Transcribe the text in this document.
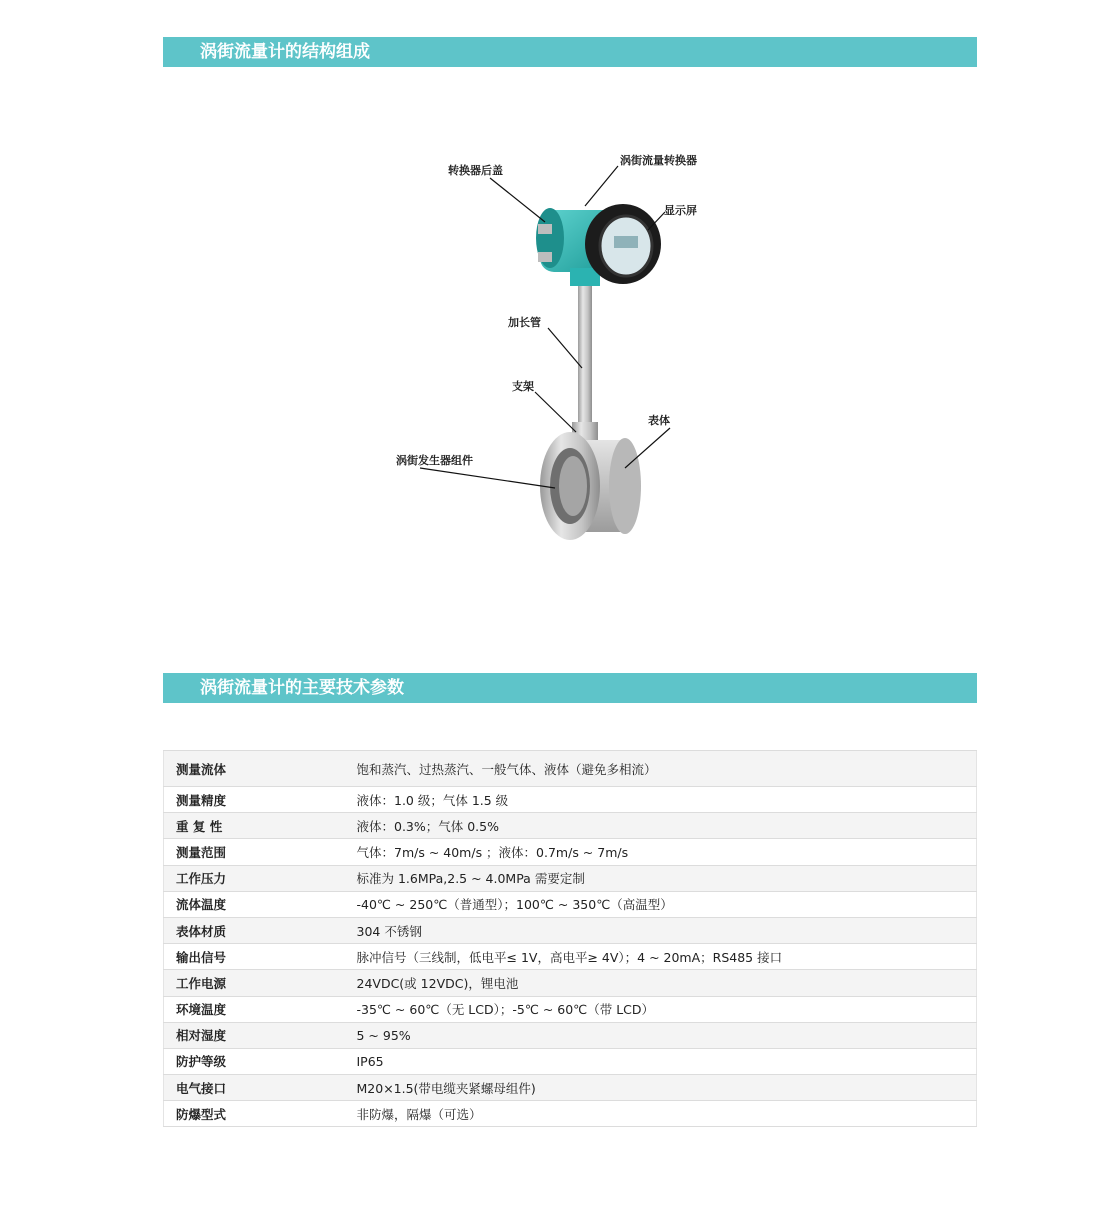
涡街流量计的结构组成
转换器后盖
涡街流量转换器
显示屏
加长管
支架
表体
涡街发生器组件
涡街流量计的主要技术参数
测量流体	饱和蒸汽、过热蒸汽、一般气体、液体（避免多相流）
测量精度	液体：1.0 级；气体 1.5 级
重 复 性	液体：0.3%；气体 0.5%
测量范围	气体：7m/s ~ 40m/s ；液体：0.7m/s ~ 7m/s
工作压力	标准为 1.6MPa,2.5 ~ 4.0MPa 需要定制
流体温度	-40℃ ~ 250℃（普通型）；100℃ ~ 350℃（高温型）
表体材质	304 不锈钢
输出信号	脉冲信号（三线制，低电平≤ 1V，高电平≥ 4V）；4 ~ 20mA；RS485 接口
工作电源	24VDC(或 12VDC)，锂电池
环境温度	-35℃ ~ 60℃（无 LCD）；-5℃ ~ 60℃（带 LCD）
相对湿度	5 ~ 95%
防护等级	IP65
电气接口	M20×1.5(带电缆夹紧螺母组件)
防爆型式	非防爆，隔爆（可选）
